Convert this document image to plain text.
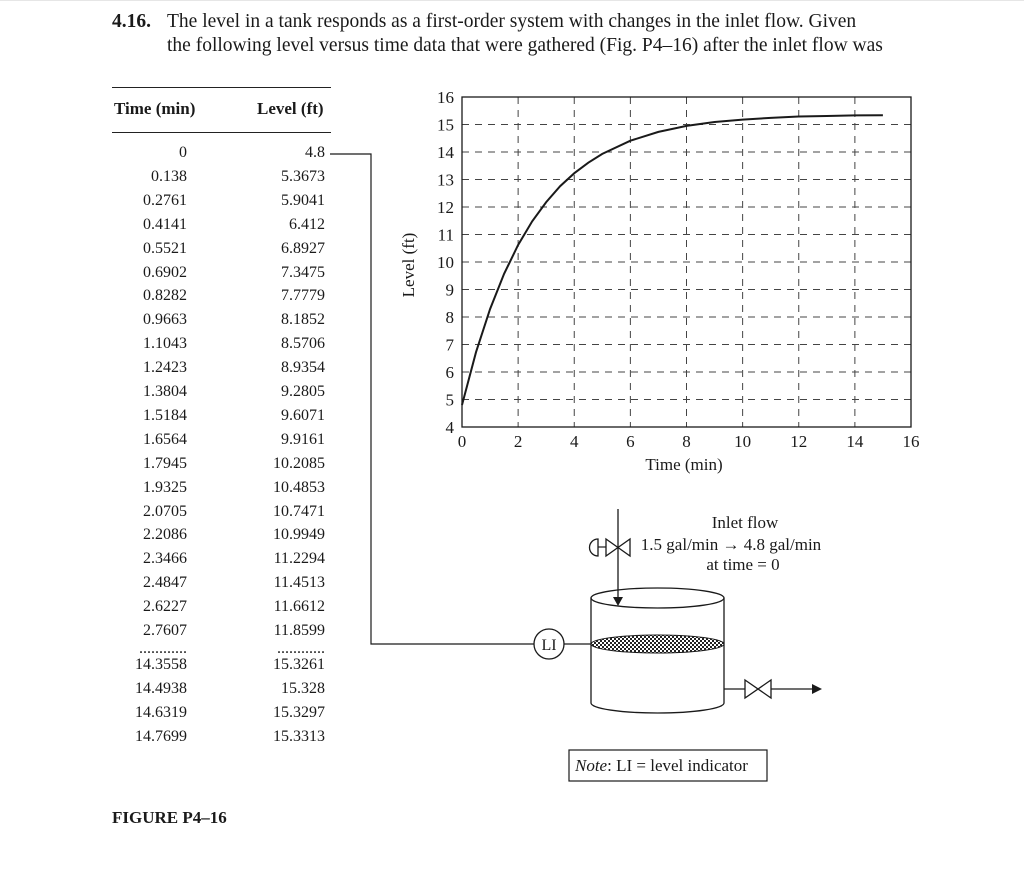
4.16. The level in a tank responds as a first-order system with changes in the inlet flow. Given
the following level versus time data that were gathered (Fig. P4–16) after the inlet flow was
Time (min)	Level (ft)
0	4.8
0.138	5.3673
0.2761	5.9041
0.4141	6.412
0.5521	6.8927
0.6902	7.3475
0.8282	7.7779
0.9663	8.1852
1.1043	8.5706
1.2423	8.9354
1.3804	9.2805
1.5184	9.6071
1.6564	9.9161
1.7945	10.2085
1.9325	10.4853
2.0705	10.7471
2.2086	10.9949
2.3466	11.2294
2.4847	11.4513
2.6227	11.6612
2.7607	11.8599
............	............
14.3558	15.3261
14.4938	15.328
14.6319	15.3297
14.7699	15.3313
FIGURE P4–16
0	2	4	6	8	10 12 14 16
4
5
6
7
8
9
10
11
12
13
14
15
16
Time (min)
Level (ft)
LI
Inlet flow
1.5 gal/min → 4.8 gal/min
at time = 0
Note: LI = level indicator
